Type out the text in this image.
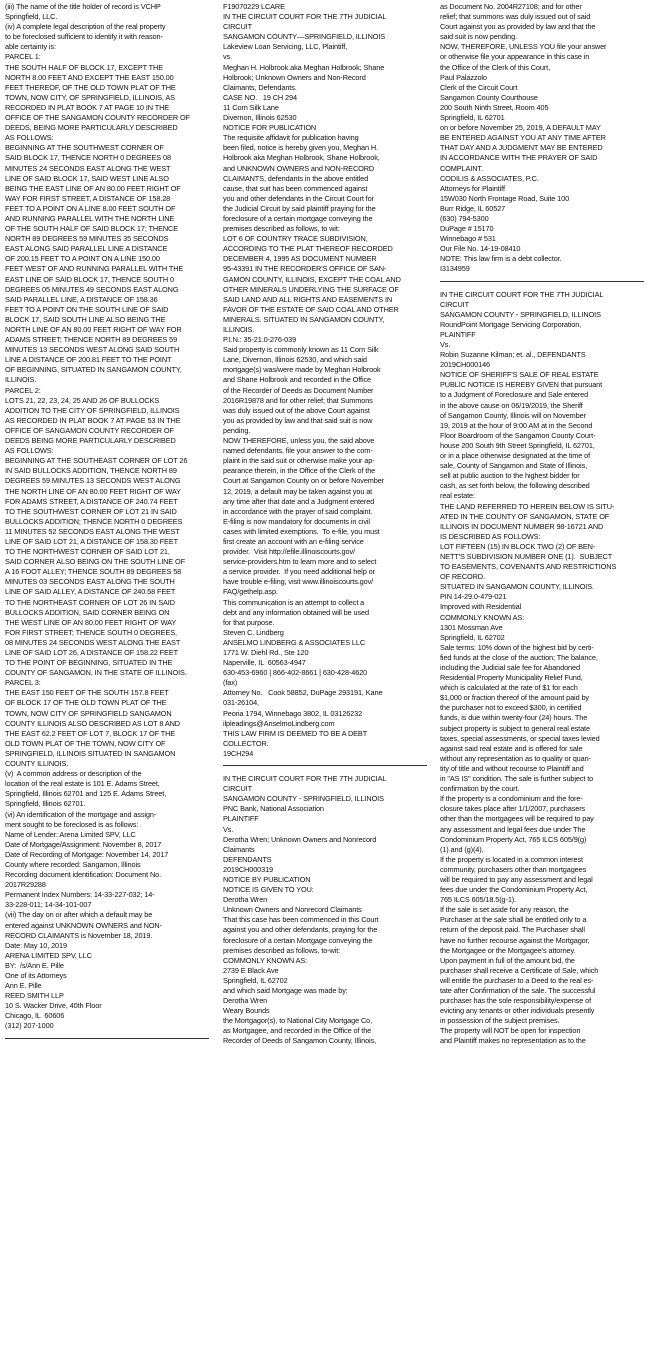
(iii) The name of the title holder of record is VCHP
Springfield, LLC.
(iv) A complete legal description of the real property
to be foreclosed sufficient to identify it with reason-
able certainty is:
PARCEL 1:
THE SOUTH HALF OF BLOCK 17, EXCEPT THE
NORTH 8.00 FEET AND EXCEPT THE EAST 150.00
FEET THEREOF, OF THE OLD TOWN PLAT OF THE
TOWN, NOW CITY, OF SPRINGFIELD, ILLINOIS, AS
RECORDED IN PLAT BOOK 7 AT PAGE 10 IN THE
OFFICE OF THE SANGAMON COUNTY RECORDER OF
DEEDS, BEING MORE PARTICULARLY DESCRIBED
AS FOLLOWS:
BEGINNING AT THE SOUTHWEST CORNER OF
SAID BLOCK 17, THENCE NORTH 0 DEGREES 08
MINUTES 24 SECONDS EAST ALONG THE WEST
LINE OF SAID BLOCK 17, SAID WEST LINE ALSO
BEING THE EAST LINE OF AN 80.00 FEET RIGHT OF
WAY FOR FIRST STREET, A DISTANCE OF 158.28
FEET TO A POINT ON A LINE 8.00 FEET SOUTH OF
AND RUNNING PARALLEL WITH THE NORTH LINE
OF THE SOUTH HALF OF SAID BLOCK 17; THENCE
NORTH 89 DEGREES 59 MINUTES 35 SECONDS
EAST ALONG SAID PARALLEL LINE A DISTANCE
OF 200.15 FEET TO A POINT ON A LINE 150.00
FEET WEST OF AND RUNNING PARALLEL WITH THE
EAST LINE OF SAID BLOCK 17, THENCE SOUTH 0
DEGREES 05 MINUTES 49 SECONDS EAST ALONG
SAID PARALLEL LINE, A DISTANCE OF 158.36
FEET TO A POINT ON THE SOUTH LINE OF SAID
BLOCK 17, SAID SOUTH LINE ALSO BEING THE
NORTH LINE OF AN 80.00 FEET RIGHT OF WAY FOR
ADAMS STREET; THENCE NORTH 89 DEGREES 59
MINUTES 13 SECONDS WEST ALONG SAID SOUTH
LINE A DISTANCE OF 200.81 FEET TO THE POINT
OF BEGINNING, SITUATED IN SANGAMON COUNTY,
ILLINOIS.
PARCEL 2:
LOTS 21, 22, 23, 24, 25 AND 26 OF BULLOCKS
ADDITION TO THE CITY OF SPRINGFIELD, ILLINOIS
AS RECORDED IN PLAT BOOK 7 AT PAGE 53 IN THE
OFFICE OF SANGAMON COUNTY RECORDER OF
DEEDS BEING MORE PARTICULARLY DESCRIBED
AS FOLLOWS:
BEGINNING AT THE SOUTHEAST CORNER OF LOT 26
IN SAID BULLOCKS ADDITION, THENCE NORTH 89
DEGREES 59 MINUTES 13 SECONDS WEST ALONG
THE NORTH LINE OF AN 80.00 FEET RIGHT OF WAY
FOR ADAMS STREET, A DISTANCE OF 240.74 FEET
TO THE SOUTHWEST CORNER OF LOT 21 IN SAID
BULLOCKS ADDITION; THENCE NORTH 0 DEGREES
11 MINUTES 52 SECONDS EAST ALONG THE WEST
LINE OF SAID LOT 21, A DISTANCE OF 158.30 FEET
TO THE NORTHWEST CORNER OF SAID LOT 21,
SAID CORNER ALSO BEING ON THE SOUTH LINE OF
A 16 FOOT ALLEY; THENCE SOUTH 89 DEGREES 58
MINUTES 03 SECONDS EAST ALONG THE SOUTH
LINE OF SAID ALLEY, A DISTANCE OF 240.58 FEET
TO THE NORTHEAST CORNER OF LOT 26 IN SAID
BULLOCKS ADDITION, SAID CORNER BEING ON
THE WEST LINE OF AN 80.00 FEET RIGHT OF WAY
FOR FIRST STREET; THENCE SOUTH 0 DEGREES,
08 MINUTES 24 SECONDS WEST ALONG THE EAST
LINE OF SAID LOT 26, A DISTANCE OF 158.22 FEET
TO THE POINT OF BEGINNING, SITUATED IN THE
COUNTY OF SANGAMON, IN THE STATE OF ILLINOIS.
PARCEL 3:
THE EAST 150 FEET OF THE SOUTH 157.8 FEET
OF BLOCK 17 OF THE OLD TOWN PLAT OF THE
TOWN, NOW CITY OF SPRINGFIELD SANGAMON
COUNTY ILLINOIS ALSO DESCRIBED AS LOT 8 AND
THE EAST 62.2 FEET OF LOT 7, BLOCK 17 OF THE
OLD TOWN PLAT OF THE TOWN, NOW CITY OF
SPRINGFIELD, ILLINOIS SITUATED IN SANGAMON
COUNTY ILLINOIS.
(v)  A common address or description of the
location of the real estate is 101 E. Adams Street,
Springfield, Illinois 62701 and 125 E. Adams Street,
Springfield, Illinois 62701.
(vi) An identification of the mortgage and assign-
ment sought to be foreclosed is as follows:
Name of Lender: Arena Limited SPV, LLC
Date of Mortgage/Assignment: November 8, 2017
Date of Recording of Mortgage: November 14, 2017
County where recorded: Sangamon, Illinois
Recording document identification: Document No.
2017R29288
Permanent Index Numbers: 14-33-227-032; 14-
33-228-011; 14-34-101-007
(vii) The day on or after which a default may be
entered against UNKNOWN OWNERS and NON-
RECORD CLAIMANTS is November 18, 2019.
Date: May 10, 2019
ARENA LIMITED SPV, LLC
BY:  /s/Ann E. Pille
One of its Attorneys
Ann E. Pille
REED SMITH LLP
10 S. Wacker Drive, 40th Floor
Chicago, IL  60606
(312) 207-1000

F19070229 LCARE
IN THE CIRCUIT COURT FOR THE 7TH JUDICIAL
CIRCUIT
SANGAMON COUNTY—SPRINGFIELD, ILLINOIS
Lakeview Loan Servicing, LLC, Plaintiff,
vs.
Meghan H. Holbrook aka Meghan Holbrook; Shane
Holbrook; Unknown Owners and Non-Record
Claimants, Defendants.
CASE NO.   19 CH 294
11 Corn Silk Lane
Divernon, Illinois 62530
NOTICE FOR PUBLICATION
The requisite affidavit for publication having
been filed, notice is hereby given you, Meghan H.
Holbrook aka Meghan Holbrook, Shane Holbrook,
and UNKNOWN OWNERS and NON-RECORD
CLAIMANTS, defendants in the above entitled
cause, that suit has been commenced against
you and other defendants in the Circuit Court for
the Judicial Circuit by said plaintiff praying for the
foreclosure of a certain mortgage conveying the
premises described as follows, to wit:
LOT 6 OF COUNTRY TRACE SUBDIVISION,
ACCORDING TO THE PLAT THEREOF RECORDED
DECEMBER 4, 1995 AS DOCUMENT NUMBER
95-43391 IN THE RECORDER'S OFFICE OF SAN-
GAMON COUNTY, ILLINOIS, EXCEPT THE COAL AND
OTHER MINERALS UNDERLYING THE SURFACE OF
SAID LAND AND ALL RIGHTS AND EASEMENTS IN
FAVOR OF THE ESTATE OF SAID COAL AND OTHER
MINERALS. SITUATED IN SANGAMON COUNTY,
ILLINOIS.
P.I.N.: 35-21.0-276-039
Said property is commonly known as 11 Corn Silk
Lane, Divernon, Illinois 62530, and which said
mortgage(s) was/were made by Meghan Holbrook
and Shane Holbrook and recorded in the Office
of the Recorder of Deeds as Document Number
2016R19878 and for other relief; that Summons
was duly issued out of the above Court against
you as provided by law and that said suit is now
pending.
NOW THEREFORE, unless you, the said above
named defendants, file your answer to the com-
plaint in the said suit or otherwise make your ap-
pearance therein, in the Office of the Clerk of the
Court at Sangamon County on or before November
12, 2019, a default may be taken against you at
any time after that date and a Judgment entered
in accordance with the prayer of said complaint.
E-filing is now mandatory for documents in civil
cases with limited exemptions.  To e-file, you must
first create an account with an e-filing service
provider.  Visit http://efile.illinoiscourts.gov/
service-providers.htm to learn more and to select
a service provider.  If you need additional help or
have trouble e-filing, visit www.illinoiscourts.gov/
FAQ/gethelp.asp.
This communication is an attempt to collect a
debt and any information obtained will be used
for that purpose.
Steven C. Lindberg
ANSELMO LINDBERG & ASSOCIATES LLC
1771 W. Diehl Rd., Ste 120
Naperville, IL  60563-4947
630-453-6960 | 866-402-8661 | 630-428-4620
(fax)
Attorney No.   Cook 58852, DuPage 293191, Kane
031-26104,
Peoria 1794, Winnebago 3802, IL 03126232
ilpleadings@AnselmoLindberg.com
THIS LAW FIRM IS DEEMED TO BE A DEBT
COLLECTOR.
19CH294

IN THE CIRCUIT COURT FOR THE 7TH JUDICIAL
CIRCUIT
SANGAMON COUNTY - SPRINGFIELD, ILLINOIS
PNC Bank, National Association
PLAINTIFF
Vs.
Derotha Wren; Unknown Owners and Nonrecord
Claimants
DEFENDANTS
2019CH000319
NOTICE BY PUBLICATION
NOTICE IS GIVEN TO YOU:
Derotha Wren
Unknown Owners and Nonrecord Claimants
That this case has been commenced in this Court
against you and other defendants, praying for the
foreclosure of a certain Mortgage conveying the
premises described as follows, to-wit:
COMMONLY KNOWN AS:
2739 E Black Ave
Springfield, IL 62702
and which said Mortgage was made by:
Derotha Wren
Weary Bounds
the Mortgagor(s), to National City Mortgage Co,
as Mortgagee, and recorded in the Office of the
Recorder of Deeds of Sangamon County, Illinois,

as Document No. 2004R27108; and for other
relief; that summons was duly issued out of said
Court against you as provided by law and that the
said suit is now pending.
NOW, THEREFORE, UNLESS YOU file your answer
or otherwise file your appearance in this case in
the Office of the Clerk of this Court,
Paul Palazzolo
Clerk of the Circuit Court
Sangamon County Courthouse
200 South Ninth Street, Room 405
Springfield, IL 62701
on or before November 25, 2019, A DEFAULT MAY
BE ENTERED AGAINST YOU AT ANY TIME AFTER
THAT DAY AND A JUDGMENT MAY BE ENTERED
IN ACCORDANCE WITH THE PRAYER OF SAID
COMPLAINT.
CODILIS & ASSOCIATES, P.C.
Attorneys for Plaintiff
15W030 North Frontage Road, Suite 100
Burr Ridge, IL 60527
(630) 794-5300
DuPage # 15170
Winnebago # 531
Our File No. 14-19-08410
NOTE: This law firm is a debt collector.
I3134959

IN THE CIRCUIT COURT FOR THE 7TH JUDICIAL
CIRCUIT
SANGAMON COUNTY - SPRINGFIELD, ILLINOIS
RoundPoint Mortgage Servicing Corporation,
PLAINTIFF
Vs.
Robin Suzanne Kilman; et. al., DEFENDANTS
2019CH000146
NOTICE OF SHERIFF'S SALE OF REAL ESTATE
PUBLIC NOTICE IS HEREBY GIVEN that pursuant
to a Judgment of Foreclosure and Sale entered
in the above cause on 06/19/2019, the Sheriff
of Sangamon County, Illinois will on November
19, 2019 at the hour of 9:00 AM at in the Second
Floor Boardroom of the Sangamon County Court-
house 200 South 9th Street Springfield, IL 62701,
or in a place otherwise designated at the time of
sale, County of Sangamon and State of Illinois,
sell at public auction to the highest bidder for
cash, as set forth below, the following described
real estate:
THE LAND REFERRED TO HEREIN BELOW IS SITU-
ATED IN THE COUNTY OF SANGAMON, STATE OF
ILLINOIS IN DOCUMENT NUMBER 98-16721 AND
IS DESCRIBED AS FOLLOWS:
LOT FIFTEEN (15) IN BLOCK TWO (2) OF BEN-
NETT'S SUBDIVISION NUMBER ONE (1).  SUBJECT
TO EASEMENTS, COVENANTS AND RESTRICTIONS
OF RECORD.
SITUATED IN SANGAMON COUNTY, ILLINOIS.
PIN 14-29.0-479-021
Improved with Residential
COMMONLY KNOWN AS:
1301 Mossman Ave
Springfield, IL 62702
Sale terms: 10% down of the highest bid by certi-
fied funds at the close of the auction; The balance,
including the Judicial sale fee for Abandoned
Residential Property Municipality Relief Fund,
which is calculated at the rate of $1 for each
$1,000 or fraction thereof of the amount paid by
the purchaser not to exceed $300, in certified
funds, is due within twenty-four (24) hours. The
subject property is subject to general real estate
taxes, special assessments, or special taxes levied
against said real estate and is offered for sale
without any representation as to quality or quan-
tity of title and without recourse to Plaintiff and
in "AS IS" condition. The sale is further subject to
confirmation by the court.
If the property is a condominium and the fore-
closure takes place after 1/1/2007, purchasers
other than the mortgagees will be required to pay
any assessment and legal fees due under The
Condominium Property Act, 765 ILCS 605/9(g)
(1) and (g)(4).
If the property is located in a common interest
community, purchasers other than mortgagees
will be required to pay any assessment and legal
fees due under the Condominium Property Act,
765 ILCS 605/18.5(g-1).
If the sale is set aside for any reason, the
Purchaser at the sale shall be entitled only to a
return of the deposit paid. The Purchaser shall
have no further recourse against the Mortgagor,
the Mortgagee or the Mortgagee's attorney.
Upon payment in full of the amount bid, the
purchaser shall receive a Certificate of Sale, which
will entitle the purchaser to a Deed to the real es-
tate after Confirmation of the sale. The successful
purchaser has the sole responsibility/expense of
evicting any tenants or other individuals presently
in possession of the subject premises.
The property will NOT be open for inspection
and Plaintiff makes no representation as to the
